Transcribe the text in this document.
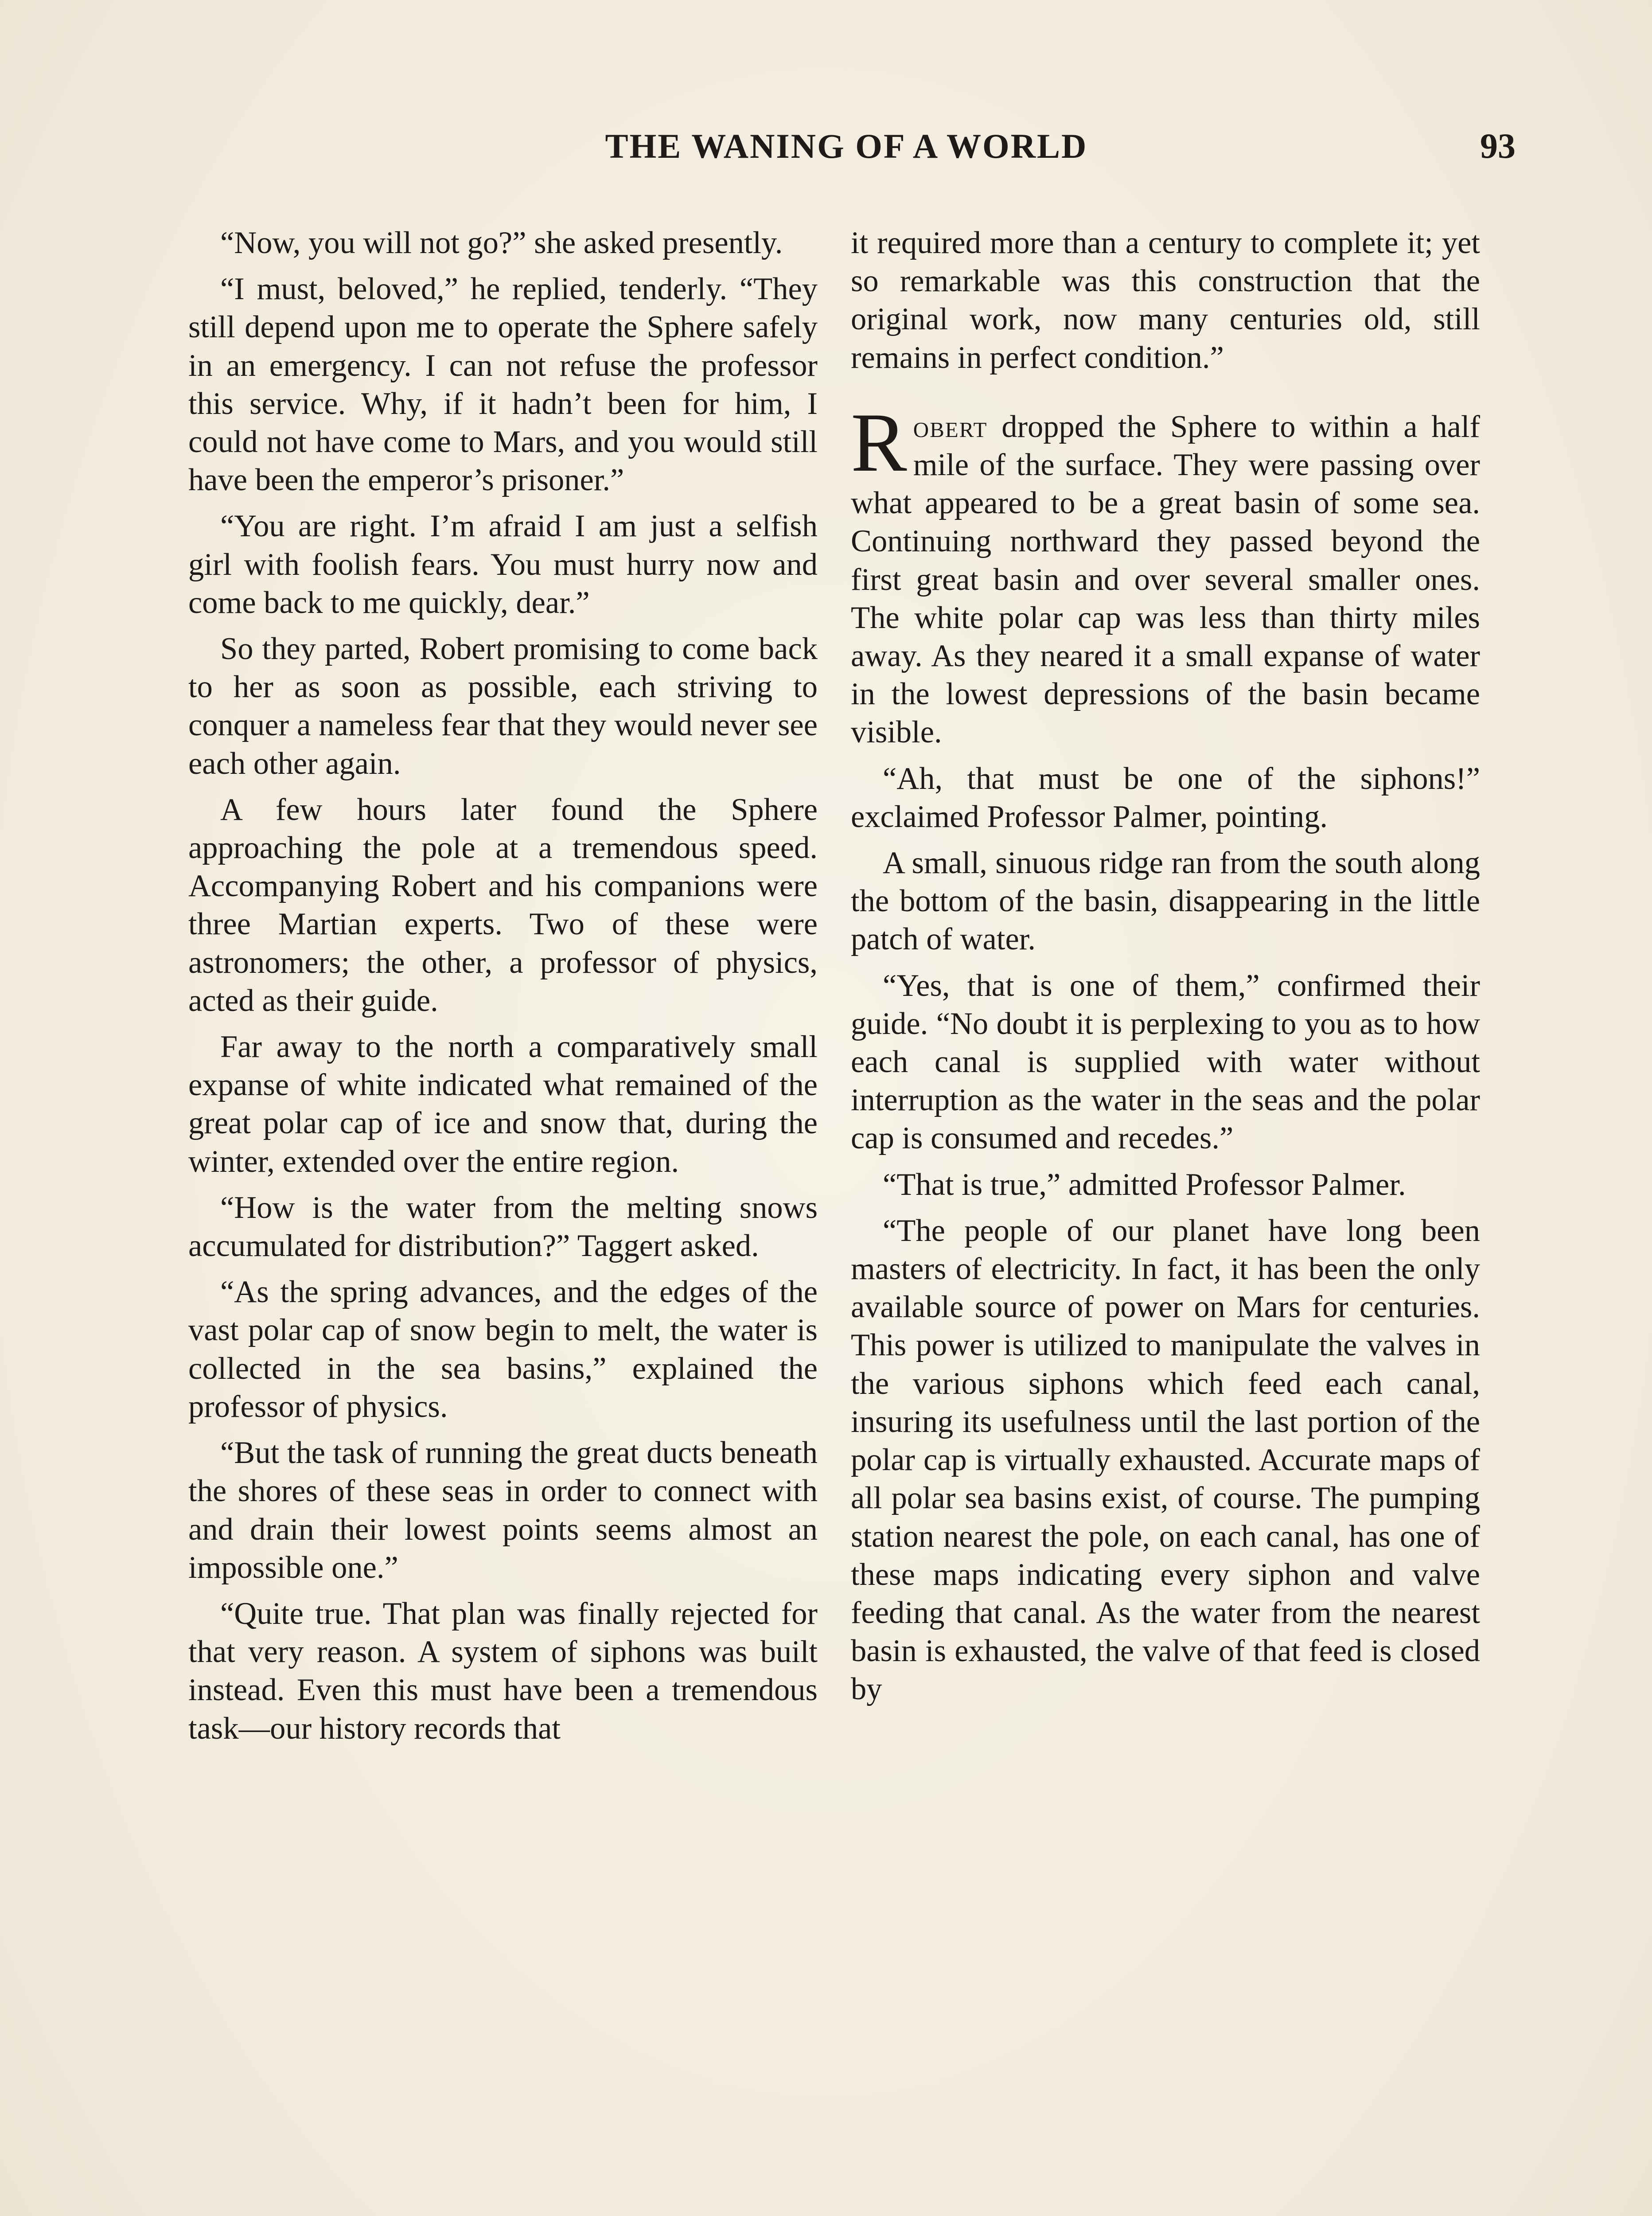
THE WANING OF A WORLD	93

“Now, you will not go?” she asked presently.

“I must, beloved,” he replied, tenderly. “They still depend upon me to operate the Sphere safely in an emergency. I can not refuse the professor this service. Why, if it hadn’t been for him, I could not have come to Mars, and you would still have been the emperor’s prisoner.”

“You are right. I’m afraid I am just a selfish girl with foolish fears. You must hurry now and come back to me quickly, dear.”

So they parted, Robert promising to come back to her as soon as possible, each striving to conquer a nameless fear that they would never see each other again.

A few hours later found the Sphere approaching the pole at a tremendous speed. Accompanying Robert and his companions were three Martian experts. Two of these were astronomers; the other, a professor of physics, acted as their guide.

Far away to the north a comparatively small expanse of white indicated what remained of the great polar cap of ice and snow that, during the winter, extended over the entire region.

“How is the water from the melting snows accumulated for distribution?” Taggert asked.

“As the spring advances, and the edges of the vast polar cap of snow begin to melt, the water is collected in the sea basins,” explained the professor of physics.

“But the task of running the great ducts beneath the shores of these seas in order to connect with and drain their lowest points seems almost an impossible one.”

“Quite true. That plan was finally rejected for that very reason. A system of siphons was built instead. Even this must have been a tremendous task—our history records that

it required more than a century to complete it; yet so remarkable was this construction that the original work, now many centuries old, still remains in perfect condition.”

Robert dropped the Sphere to within a half mile of the surface. They were passing over what appeared to be a great basin of some sea. Continuing northward they passed beyond the first great basin and over several smaller ones. The white polar cap was less than thirty miles away. As they neared it a small expanse of water in the lowest depressions of the basin became visible.

“Ah, that must be one of the siphons!” exclaimed Professor Palmer, pointing.

A small, sinuous ridge ran from the south along the bottom of the basin, disappearing in the little patch of water.

“Yes, that is one of them,” confirmed their guide. “No doubt it is perplexing to you as to how each canal is supplied with water without interruption as the water in the seas and the polar cap is consumed and recedes.”

“That is true,” admitted Professor Palmer.

“The people of our planet have long been masters of electricity. In fact, it has been the only available source of power on Mars for centuries. This power is utilized to manipulate the valves in the various siphons which feed each canal, insuring its usefulness until the last portion of the polar cap is virtually exhausted. Accurate maps of all polar sea basins exist, of course. The pumping station nearest the pole, on each canal, has one of these maps indicating every siphon and valve feeding that canal. As the water from the nearest basin is exhausted, the valve of that feed is closed by
